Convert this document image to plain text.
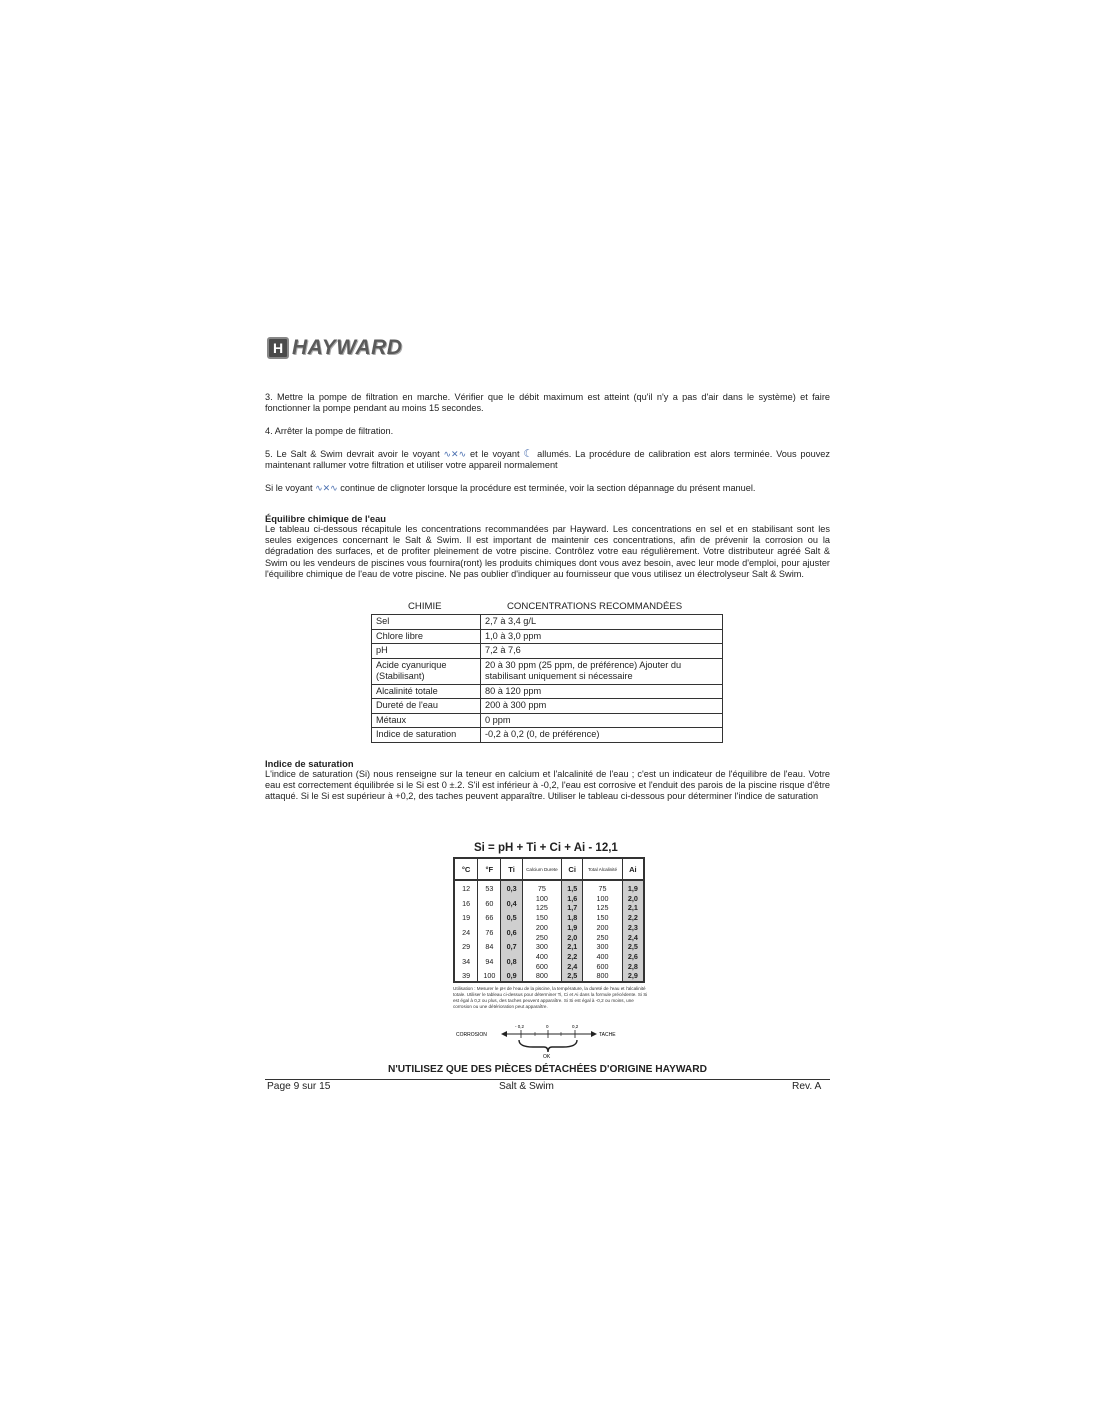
H HAYWARD

3. Mettre la pompe de filtration en marche. Vérifier que le débit maximum est atteint (qu'il n'y a pas d'air dans le système) et faire fonctionner la pompe pendant au moins 15 secondes.

4. Arrêter la pompe de filtration.

5. Le Salt & Swim devrait avoir le voyant ∿✕∿ et le voyant ☾ allumés. La procédure de calibration est alors terminée. Vous pouvez maintenant rallumer votre filtration et utiliser votre appareil normalement

Si le voyant ∿✕∿ continue de clignoter lorsque la procédure est terminée, voir la section dépannage du présent manuel.

Équilibre chimique de l'eau

Le tableau ci-dessous récapitule les concentrations recommandées par Hayward. Les concentrations en sel et en stabilisant sont les seules exigences concernant le Salt & Swim. Il est important de maintenir ces concentrations, afin de prévenir la corrosion ou la dégradation des surfaces, et de profiter pleinement de votre piscine. Contrôlez votre eau régulièrement. Votre distributeur agréé Salt & Swim ou les vendeurs de piscines vous fournira(ront) les produits chimiques dont vous avez besoin, avec leur mode d'emploi, pour ajuster l'équilibre chimique de l'eau de votre piscine. Ne pas oublier d'indiquer au fournisseur que vous utilisez un électrolyseur Salt & Swim.

CHIMIE	CONCENTRATIONS RECOMMANDÉES
Sel	2,7 à 3,4 g/L
Chlore libre	1,0 à 3,0 ppm
pH	7,2 à 7,6
Acide cyanurique (Stabilisant)	20 à 30 ppm (25 ppm, de préférence) Ajouter du stabilisant uniquement si nécessaire
Alcalinité totale	80 à 120 ppm
Dureté de l'eau	200 à 300 ppm
Métaux	0 ppm
Indice de saturation	-0,2 à 0,2 (0, de préférence)

Indice de saturation

L'indice de saturation (Si) nous renseigne sur la teneur en calcium et l'alcalinité de l'eau ; c'est un indicateur de l'équilibre de l'eau. Votre eau est correctement équilibrée si le Si est 0 ±.2. S'il est inférieur à -0,2, l'eau est corrosive et l'enduit des parois de la piscine risque d'être attaqué. Si le Si est supérieur à +0,2, des taches peuvent apparaître. Utiliser le tableau ci-dessous pour déterminer l'indice de saturation

Si = pH + Ti + Ci + Ai - 12,1
°C	°F	Ti	Calcium Durete	Ci	Total Alcalinité	Ai
12	53	0,3	75	1,5	75	1,9
16	60	0,4	100	1,6	100	2,0
			125	1,7	125	2,1
19	66	0,5	150	1,8	150	2,2
24	76	0,6	200	1,9	200	2,3
			250	2,0	250	2,4
29	84	0,7	300	2,1	300	2,5
34	94	0,8	400	2,2	400	2,6
			600	2,4	600	2,8
39	100	0,9	800	2,5	800	2,9
Utilisation : Mesurer le pH de l'eau de la piscine, la température, la dureté de l'eau et l'alcalinité totale. Utiliser le tableau ci-dessus pour déterminer Ti, Ci et Ai dans la formule précédente. Si Si est égal à 0,2 ou plus, des taches peuvent apparaître. Si Si est égal à -0,2 ou moins, une corrosion ou une détérioration peut apparaître.
CORROSION	TACHE
- 0,2	0	0,2
OK
N'UTILISEZ QUE DES PIÈCES DÉTACHÉES D'ORIGINE HAYWARD
Page 9 sur 15	Salt & Swim	Rev. A
